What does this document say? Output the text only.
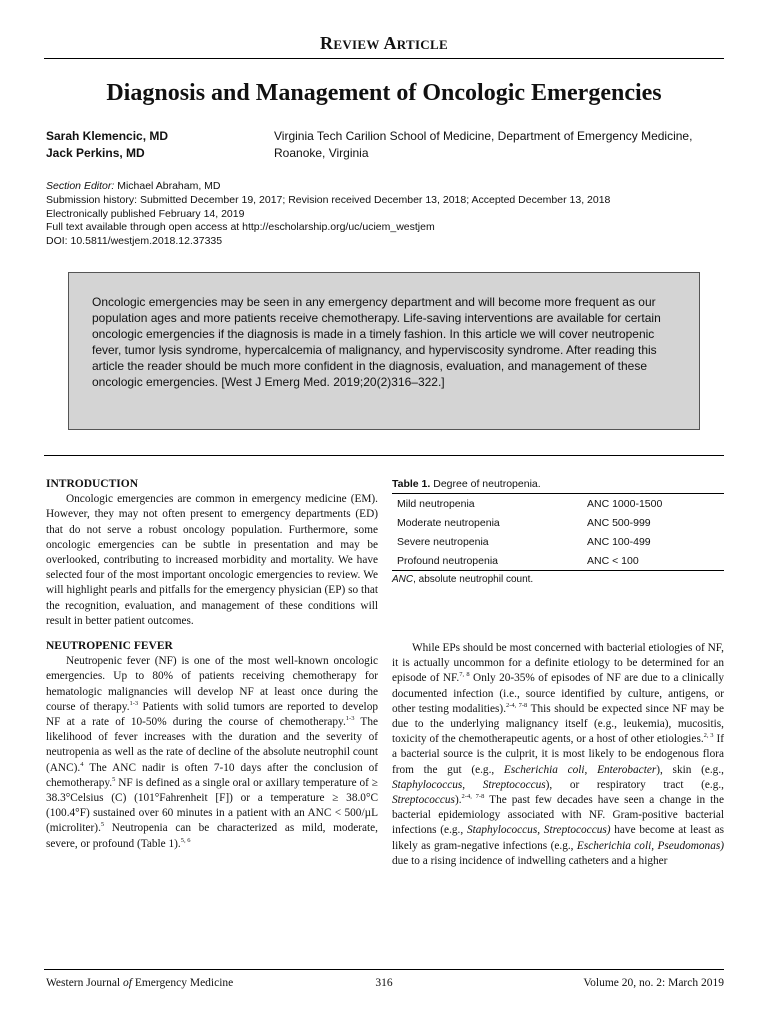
Review Article
Diagnosis and Management of Oncologic Emergencies
Sarah Klemencic, MD
Jack Perkins, MD
Virginia Tech Carilion School of Medicine, Department of Emergency Medicine, Roanoke, Virginia
Section Editor: Michael Abraham, MD
Submission history: Submitted December 19, 2017; Revision received December 13, 2018; Accepted December 13, 2018
Electronically published February 14, 2019
Full text available through open access at http://escholarship.org/uc/uciem_westjem
DOI: 10.5811/westjem.2018.12.37335
Oncologic emergencies may be seen in any emergency department and will become more frequent as our population ages and more patients receive chemotherapy. Life-saving interventions are available for certain oncologic emergencies if the diagnosis is made in a timely fashion. In this article we will cover neutropenic fever, tumor lysis syndrome, hypercalcemia of malignancy, and hyperviscosity syndrome. After reading this article the reader should be much more confident in the diagnosis, evaluation, and management of these oncologic emergencies. [West J Emerg Med. 2019;20(2)316–322.]
INTRODUCTION

Oncologic emergencies are common in emergency medicine (EM). However, they may not often present to emergency departments (ED) that do not serve a robust oncology population. Furthermore, some oncologic emergencies can be subtle in presentation and may be overlooked, contributing to increased morbidity and mortality. We have selected four of the most important oncologic emergencies to review. We will highlight pearls and pitfalls for the emergency physician (EP) so that the recognition, evaluation, and management of these conditions will result in better patient outcomes.

NEUTROPENIC FEVER

Neutropenic fever (NF) is one of the most well-known oncologic emergencies. Up to 80% of patients receiving chemotherapy for hematologic malignancies will develop NF at least once during the course of therapy.$^{1-3}$ Patients with solid tumors are reported to develop NF at a rate of 10-50% during the course of chemotherapy.$^{1-3}$ The likelihood of fever increases with the duration and the severity of neutropenia as well as the rate of decline of the absolute neutrophil count (ANC).$^4$ The ANC nadir is often 7-10 days after the conclusion of chemotherapy.$^5$ NF is defined as a single oral or axillary temperature of ≥ 38.3°Celsius (C) (101°Fahrenheit [F]) or a temperature ≥ 38.0°C (100.4°F) sustained over 60 minutes in a patient with an ANC < 500/µL (microliter).$^5$ Neutropenia can be characterized as mild, moderate, severe, or profound (Table 1).$^{5, 6}$

Table 1. Degree of neutropenia.
Mild neutropenia	ANC 1000-1500
Moderate neutropenia	ANC 500-999
Severe neutropenia	ANC 100-499
Profound neutropenia	ANC < 100
ANC, absolute neutrophil count.

While EPs should be most concerned with bacterial etiologies of NF, it is actually uncommon for a definite etiology to be determined for an episode of NF.$^{7, 8}$ Only 20-35% of episodes of NF are due to a clinically documented infection (i.e., source identified by culture, antigens, or other testing modalities).$^{2-4, 7-8}$ This should be expected since NF may be due to the underlying malignancy itself (e.g., leukemia), mucositis, toxicity of the chemotherapeutic agents, or a host of other etiologies.$^{2, 3}$ If a bacterial source is the culprit, it is most likely to be endogenous flora from the gut (e.g., Escherichia coli, Enterobacter), skin (e.g., Staphylococcus, Streptococcus), or respiratory tract (e.g., Streptococcus).$^{2-4, 7-8}$ The past few decades have seen a change in the bacterial epidemiology associated with NF. Gram-positive bacterial infections (e.g., Staphylococcus, Streptococcus) have become at least as likely as gram-negative infections (e.g., Escherichia coli, Pseudomonas) due to a rising incidence of indwelling catheters and a higher

Western Journal of Emergency Medicine	316	Volume 20, no. 2: March 2019
